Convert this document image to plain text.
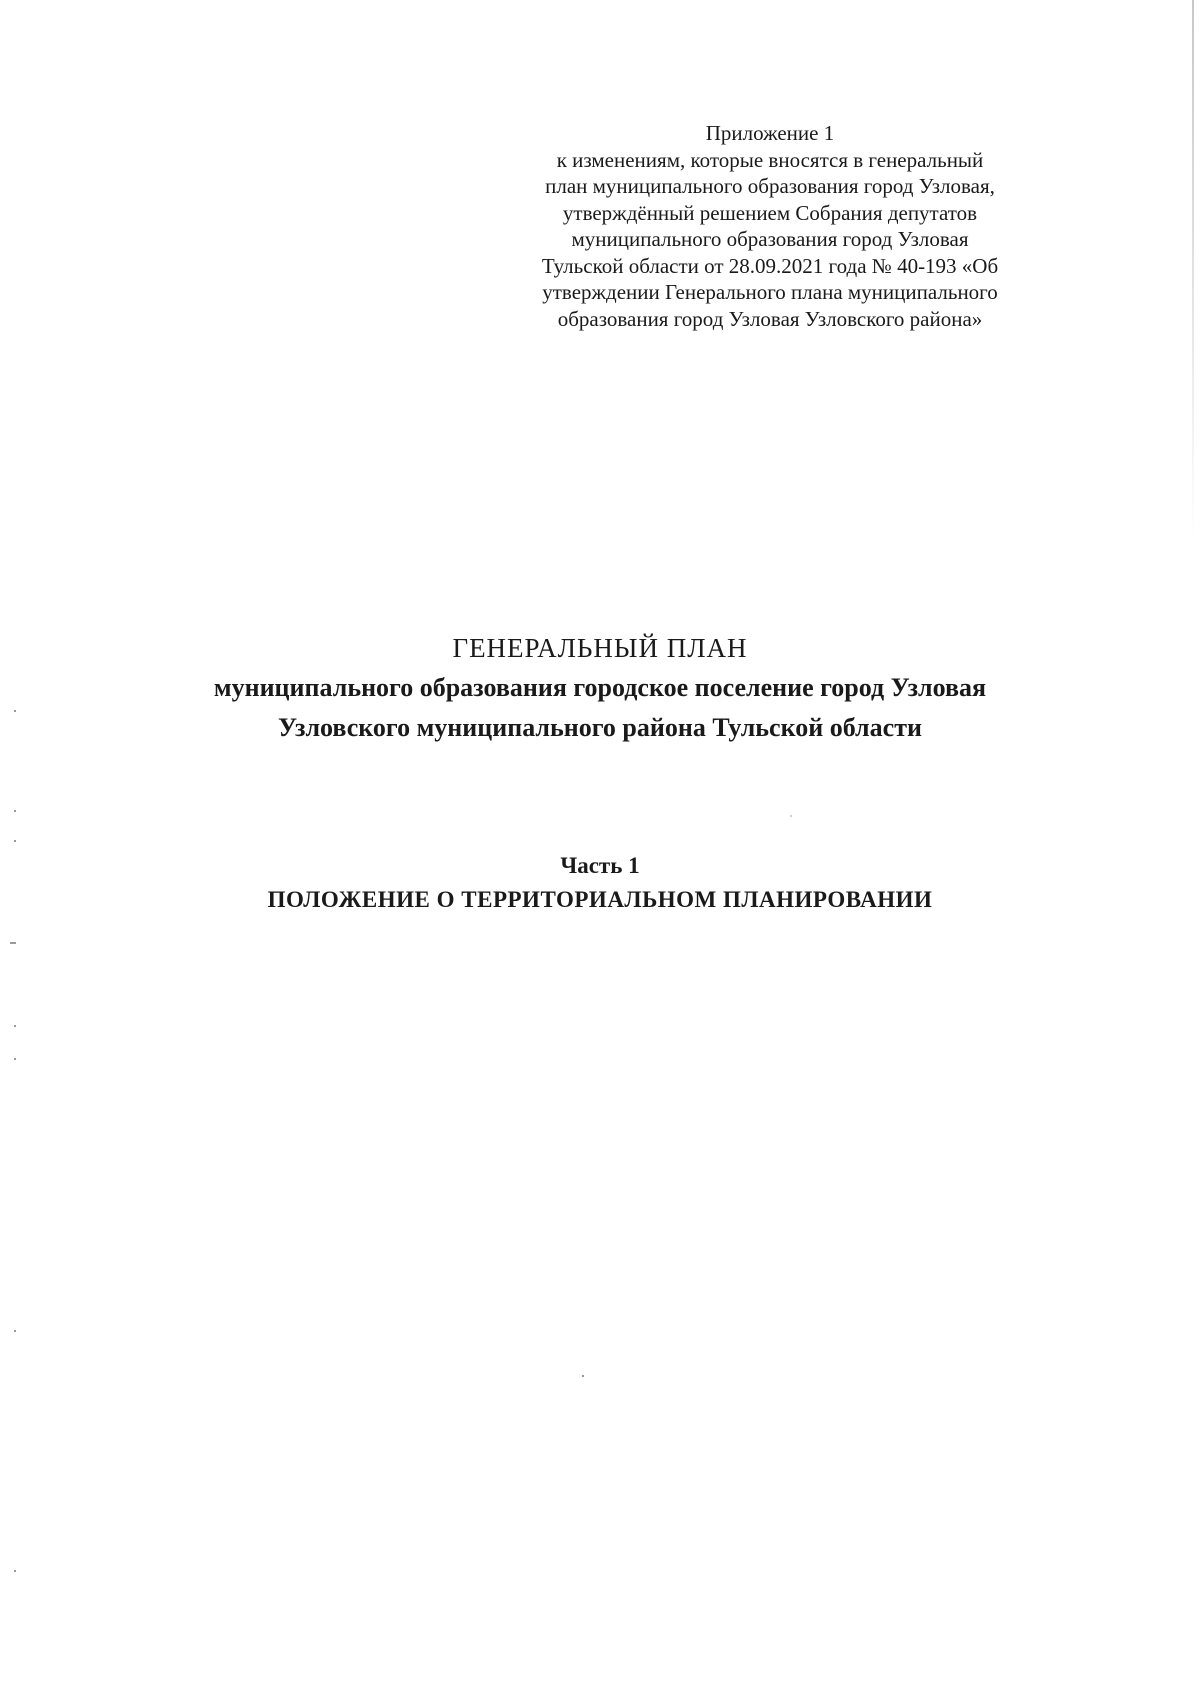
Приложение 1
к изменениям, которые вносятся в генеральный
план муниципального образования город Узловая,
утверждённый решением Собрания депутатов
муниципального образования город Узловая
Тульской области от 28.09.2021 года № 40-193 «Об
утверждении Генерального плана муниципального
образования город Узловая Узловского района»
ГЕНЕРАЛЬНЫЙ ПЛАН
муниципального образования городское поселение город Узловая
Узловского муниципального района Тульской области
Часть 1
ПОЛОЖЕНИЕ О ТЕРРИТОРИАЛЬНОМ ПЛАНИРОВАНИИ
